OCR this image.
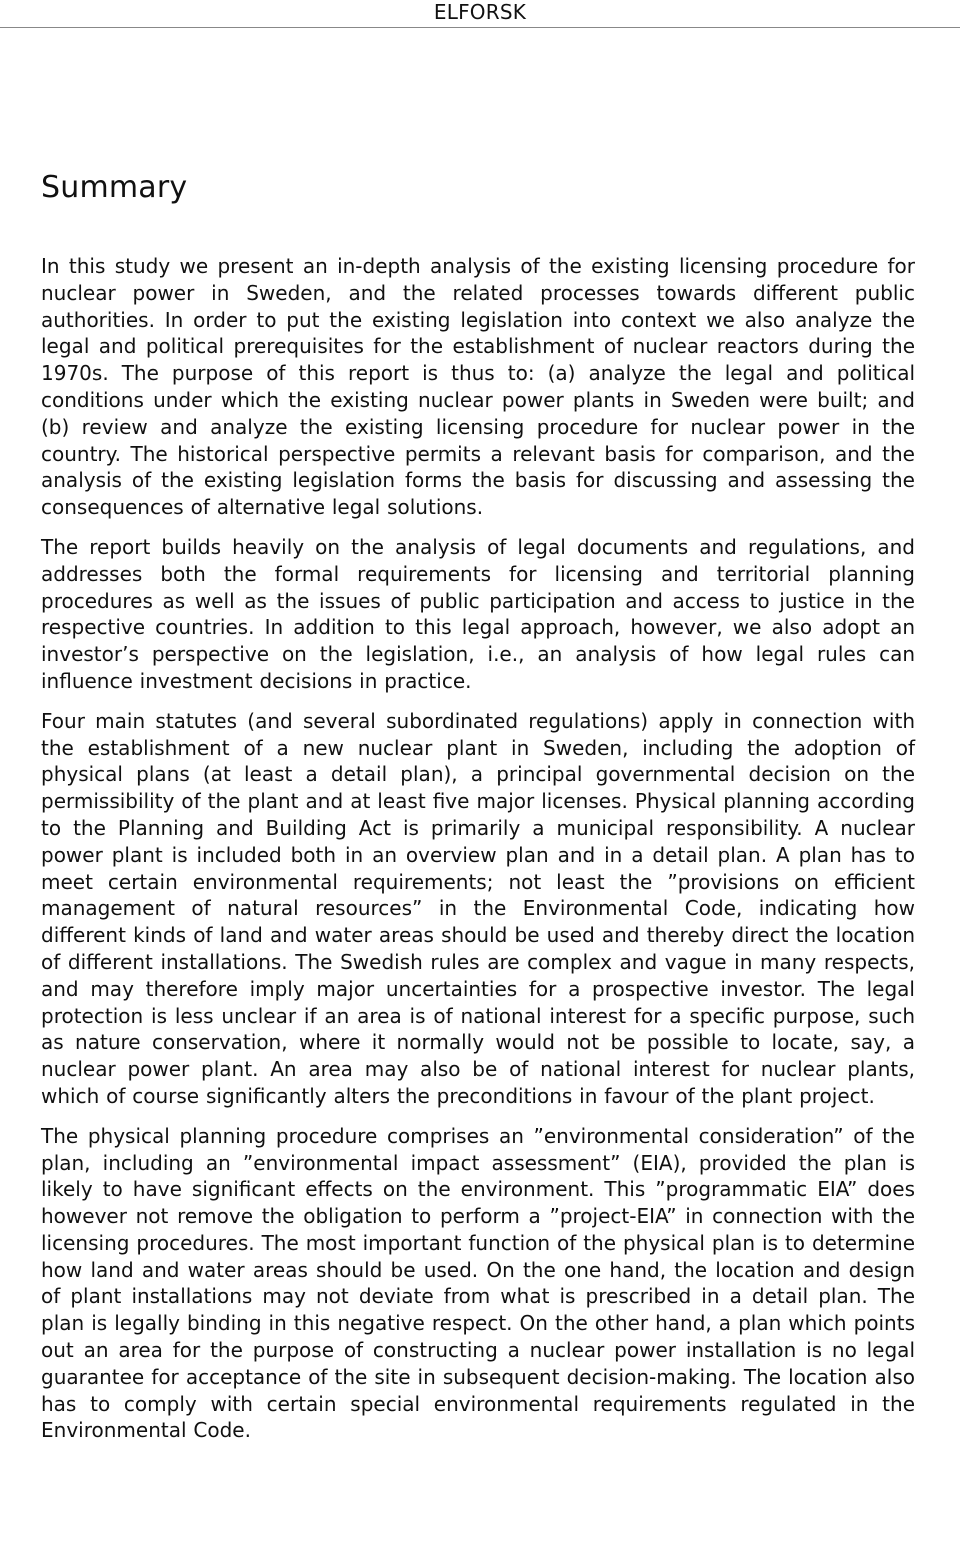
ELFORSK
Summary

In this study we present an in-depth analysis of the existing licensing procedure for nuclear power in Sweden, and the related processes towards different public authorities. In order to put the existing legislation into context we also analyze the legal and political prerequisites for the establishment of nuclear reactors during the 1970s. The purpose of this report is thus to: (a) analyze the legal and political conditions under which the existing nuclear power plants in Sweden were built; and (b) review and analyze the existing licensing procedure for nuclear power in the country. The historical perspective permits a relevant basis for comparison, and the analysis of the existing legislation forms the basis for discussing and assessing the consequences of alternative legal solutions.

The report builds heavily on the analysis of legal documents and regulations, and addresses both the formal requirements for licensing and territorial planning procedures as well as the issues of public participation and access to justice in the respective countries. In addition to this legal approach, however, we also adopt an investor’s perspective on the legislation, i.e., an analysis of how legal rules can influence investment decisions in practice.

Four main statutes (and several subordinated regulations) apply in connection with the establishment of a new nuclear plant in Sweden, including the adoption of physical plans (at least a detail plan), a principal governmental decision on the permissibility of the plant and at least five major licenses. Physical planning according to the Planning and Building Act is primarily a municipal responsibility. A nuclear power plant is included both in an overview plan and in a detail plan. A plan has to meet certain environmental requirements; not least the ”provisions on efficient management of natural resources” in the Environmental Code, indicating how different kinds of land and water areas should be used and thereby direct the location of different installations. The Swedish rules are complex and vague in many respects, and may therefore imply major uncertainties for a prospective investor. The legal protection is less unclear if an area is of national interest for a specific purpose, such as nature conservation, where it normally would not be possible to locate, say, a nuclear power plant. An area may also be of national interest for nuclear plants, which of course significantly alters the preconditions in favour of the plant project.

The physical planning procedure comprises an ”environmental consideration” of the plan, including an ”environmental impact assessment” (EIA), provided the plan is likely to have significant effects on the environment. This ”programmatic EIA” does however not remove the obligation to perform a ”project-EIA” in connection with the licensing procedures. The most important function of the physical plan is to determine how land and water areas should be used. On the one hand, the location and design of plant installations may not deviate from what is prescribed in a detail plan. The plan is legally binding in this negative respect. On the other hand, a plan which points out an area for the purpose of constructing a nuclear power installation is no legal guarantee for acceptance of the site in subsequent decision-making. The location also has to comply with certain special environmental requirements regulated in the Environmental Code.
